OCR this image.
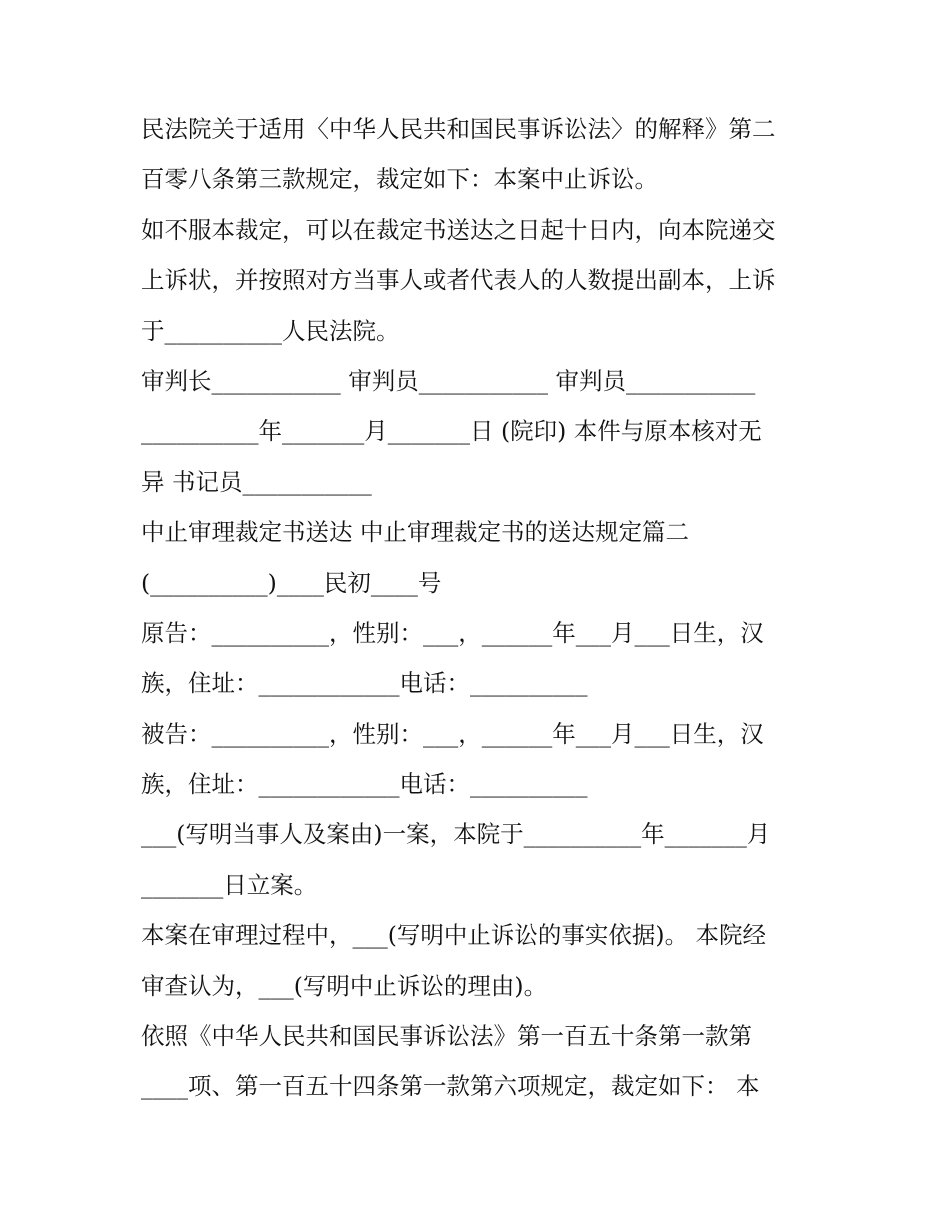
民法院关于适用〈中华人民共和国民事诉讼法〉的解释》第二
百零八条第三款规定，裁定如下：本案中止诉讼。
如不服本裁定，可以在裁定书送达之日起十日内，向本院递交
上诉状，并按照对方当事人或者代表人的人数提出副本，上诉
于__________人民法院。
审判长___________ 审判员___________ 审判员___________
__________年_______月_______日 (院印) 本件与原本核对无
异 书记员___________
中止审理裁定书送达 中止审理裁定书的送达规定篇二
(__________)____民初____号
原告：__________，性别：___，______年___月___日生，汉
族，住址：____________电话：__________
被告：__________，性别：___，______年___月___日生，汉
族，住址：____________电话：__________
___(写明当事人及案由)一案，本院于__________年_______月
_______日立案。
本案在审理过程中，___(写明中止诉讼的事实依据)。 本院经
审查认为，___(写明中止诉讼的理由)。
依照《中华人民共和国民事诉讼法》第一百五十条第一款第
____项、第一百五十四条第一款第六项规定，裁定如下： 本
